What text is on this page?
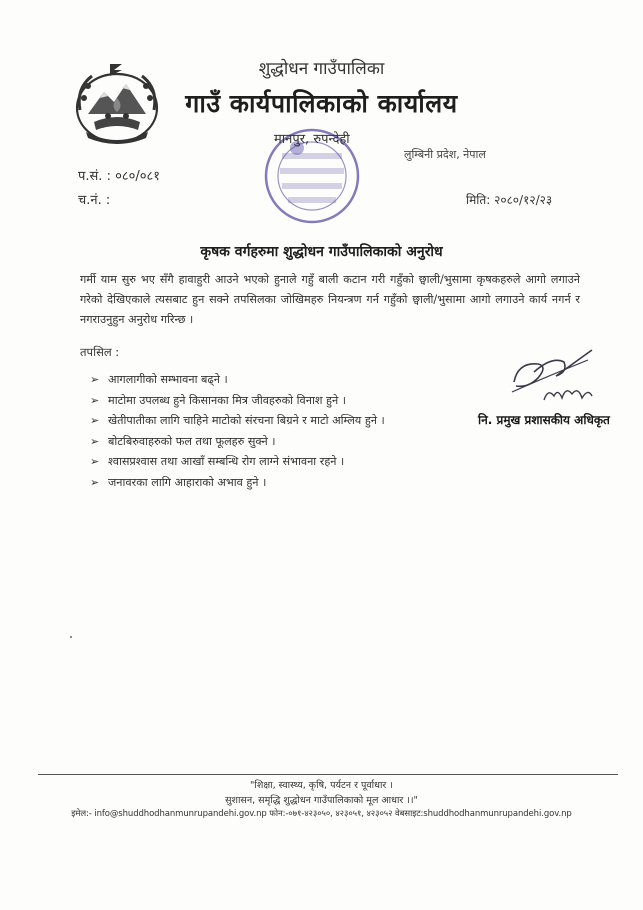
शुद्धोधन गाउँपालिका
गाउँ कार्यपालिकाको कार्यालय
मानपुर, रुपन्देही
लुम्बिनी प्रदेश, नेपाल
प.सं. : ०८०/०८१
च.नं. :	मिति: २०८०/१२/२३
कृषक वर्गहरुमा शुद्धोधन गाउँपालिकाको अनुरोध
गर्मी याम सुरु भए सँगै हावाहुरी आउने भएको हुनाले गहुँ बाली कटान गरी गहुँको छ्वाली/भुसामा कृषकहरुले आगो लगाउने गरेको देखिएकाले त्यसबाट हुन सक्ने तपसिलका जोखिमहरु नियन्त्रण गर्न गहुँको छ्वाली/भुसामा आगो लगाउने कार्य नगर्न र नगराउनुहुन अनुरोध गरिन्छ ।
तपसिल :
➢ आगलागीको सम्भावना बढ्ने ।
➢ माटोमा उपलब्ध हुने किसानका मित्र जीवहरुको विनाश हुने ।
➢ खेतीपातीका लागि चाहिने माटोको संरचना बिग्रने र माटो अम्लिय हुने ।
➢ बोटबिरुवाहरुको फल तथा फूलहरु सुक्ने ।
➢ श्वासप्रश्वास तथा आखाँ सम्बन्धि रोग लाग्ने संभावना रहने ।
➢ जनावरका लागि आहाराको अभाव हुने ।
नि. प्रमुख प्रशासकीय अधिकृत
"शिक्षा, स्वास्थ्य, कृषि, पर्यटन र पूर्वाधार ।
सुशासन, समृद्धि शुद्धोधन गाउँपालिकाको मूल आधार ।।"
इमेल:- info@shuddhodhanmunrupandehi.gov.np फोन:-०७१-४२३०५०, ४२३०५१, ४२३०५२ वेबसाइट:shuddhodhanmunrupandehi.gov.np
